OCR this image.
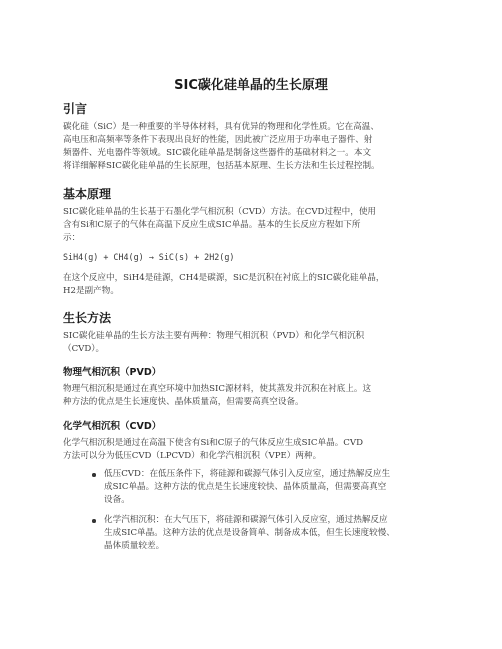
SIC碳化硅单晶的生长原理
引言
碳化硅（SiC）是一种重要的半导体材料，具有优异的物理和化学性质。它在高温、
高电压和高频率等条件下表现出良好的性能，因此被广泛应用于功率电子器件、射
频器件、光电器件等领域。SIC碳化硅单晶是制备这些器件的基础材料之一。本文
将详细解释SIC碳化硅单晶的生长原理，包括基本原理、生长方法和生长过程控制。
基本原理
SIC碳化硅单晶的生长基于石墨化学气相沉积（CVD）方法。在CVD过程中，使用
含有Si和C原子的气体在高温下反应生成SIC单晶。基本的生长反应方程如下所
示：
SiH4(g) + CH4(g) → SiC(s) + 2H2(g)
在这个反应中，SiH4是硅源，CH4是碳源，SiC是沉积在衬底上的SIC碳化硅单晶，
H2是副产物。
生长方法
SIC碳化硅单晶的生长方法主要有两种：物理气相沉积（PVD）和化学气相沉积
（CVD）。
物理气相沉积（PVD）
物理气相沉积是通过在真空环境中加热SIC源材料，使其蒸发并沉积在衬底上。这
种方法的优点是生长速度快、晶体质量高，但需要高真空设备。
化学气相沉积（CVD）
化学气相沉积是通过在高温下使含有Si和C原子的气体反应生成SIC单晶。CVD
方法可以分为低压CVD（LPCVD）和化学汽相沉积（VPE）两种。
低压CVD：在低压条件下，将硅源和碳源气体引入反应室，通过热解反应生
成SIC单晶。这种方法的优点是生长速度较快、晶体质量高，但需要高真空
设备。
化学汽相沉积：在大气压下，将硅源和碳源气体引入反应室，通过热解反应
生成SIC单晶。这种方法的优点是设备简单、制备成本低，但生长速度较慢、
晶体质量较差。
